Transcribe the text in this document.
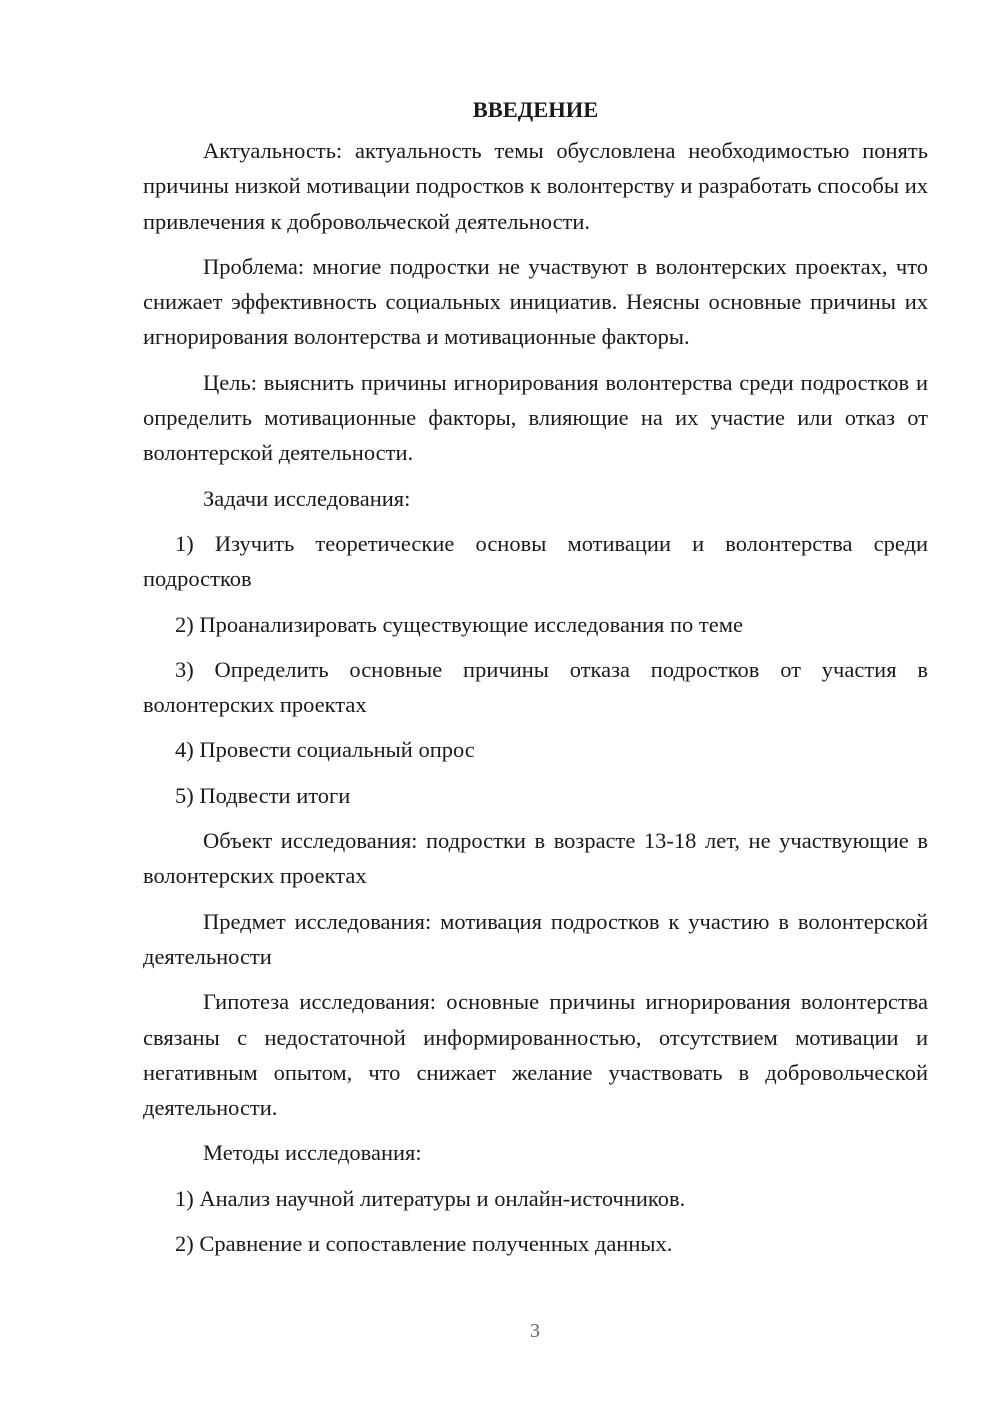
ВВЕДЕНИЕ

Актуальность: актуальность темы обусловлена необходимостью понять причины низкой мотивации подростков к волонтерству и разработать способы их привлечения к добровольческой деятельности.

Проблема: многие подростки не участвуют в волонтерских проектах, что снижает эффективность социальных инициатив. Неясны основные причины их игнорирования волонтерства и мотивационные факторы.

Цель: выяснить причины игнорирования волонтерства среди подростков и определить мотивационные факторы, влияющие на их участие или отказ от волонтерской деятельности.

Задачи исследования:

1) Изучить теоретические основы мотивации и волонтерства среди подростков

2) Проанализировать существующие исследования по теме

3) Определить основные причины отказа подростков от участия в волонтерских проектах

4) Провести социальный опрос

5) Подвести итоги

Объект исследования: подростки в возрасте 13-18 лет, не участвующие в волонтерских проектах

Предмет исследования: мотивация подростков к участию в волонтерской деятельности

Гипотеза исследования: основные причины игнорирования волонтерства связаны с недостаточной информированностью, отсутствием мотивации и негативным опытом, что снижает желание участвовать в добровольческой деятельности.

Методы исследования:

1) Анализ научной литературы и онлайн-источников.

2) Сравнение и сопоставление полученных данных.

3
